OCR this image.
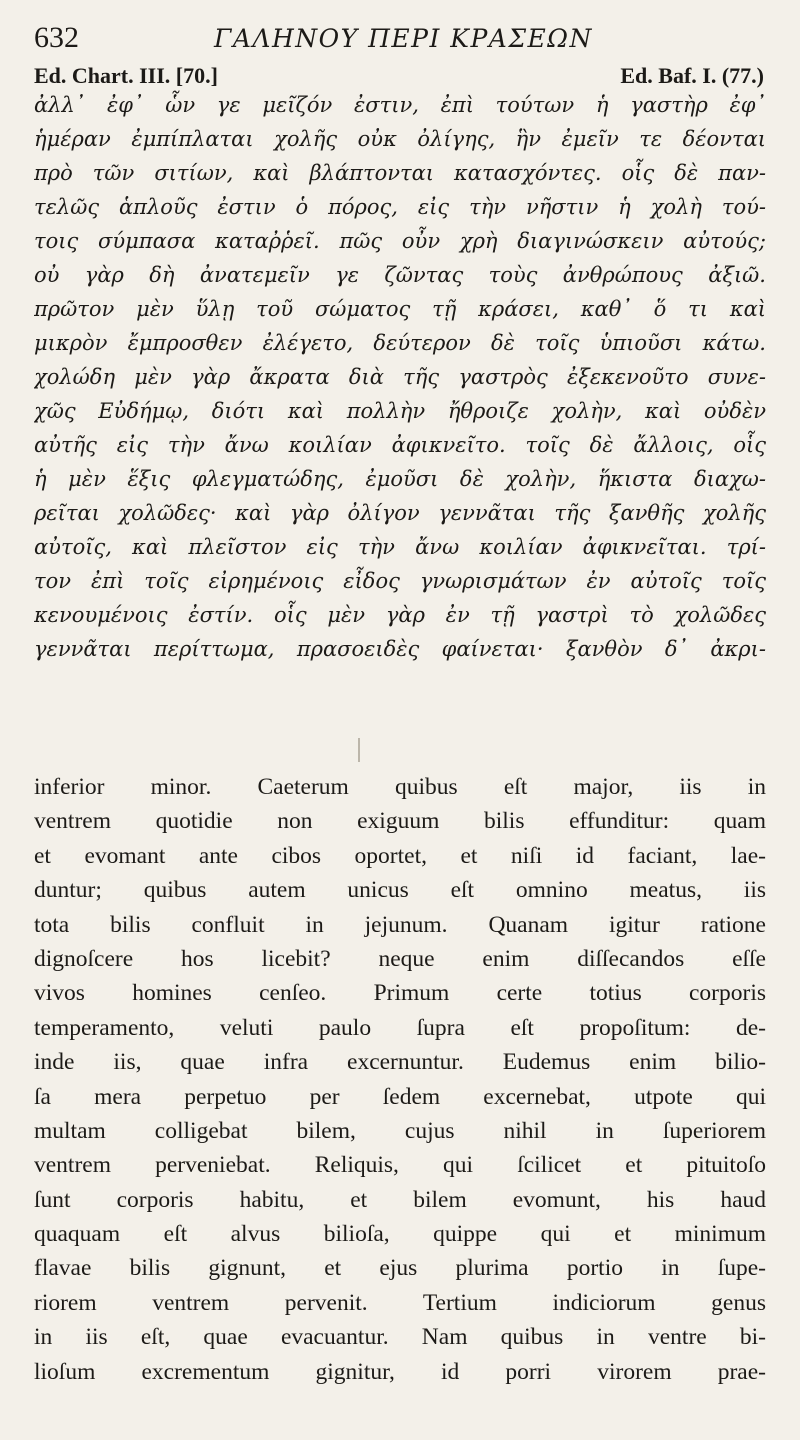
632	ΓΑΛΗΝΟΥ ΠΕΡΙ ΚΡΑΣΕΩΝ
Ed. Chart. III. [70.]	Ed. Baf. I. (77.)
ἀλλ᾽ ἐφ᾽ ὧν γε μεῖζόν ἐστιν, ἐπὶ τούτων ἡ γαστὴρ ἐφ᾽
ἡμέραν ἐμπίπλαται χολῆς οὐκ ὀλίγης, ἣν ἐμεῖν τε δέονται
πρὸ τῶν σιτίων, καὶ βλάπτονται κατασχόντες. οἷς δὲ παν-
τελῶς ἁπλοῦς ἐστιν ὁ πόρος, εἰς τὴν νῆστιν ἡ χολὴ τού-
τοις σύμπασα καταῤῥεῖ. πῶς οὖν χρὴ διαγινώσκειν αὐτούς;
οὐ γὰρ δὴ ἀνατεμεῖν γε ζῶντας τοὺς ἀνθρώπους ἀξιῶ.
πρῶτον μὲν ὕλῃ τοῦ σώματος τῇ κράσει, καθ᾽ ὅ τι καὶ
μικρὸν ἔμπροσθεν ἐλέγετο, δεύτερον δὲ τοῖς ὑπιοῦσι κάτω.
χολώδη μὲν γὰρ ἄκρατα διὰ τῆς γαστρὸς ἐξεκενοῦτο συνε-
χῶς Εὐδήμῳ, διότι καὶ πολλὴν ἤθροιζε χολὴν, καὶ οὐδὲν
αὐτῆς εἰς τὴν ἄνω κοιλίαν ἀφικνεῖτο. τοῖς δὲ ἄλλοις, οἷς
ἡ μὲν ἕξις φλεγματώδης, ἐμοῦσι δὲ χολὴν, ἥκιστα διαχω-
ρεῖται χολῶδες· καὶ γὰρ ὀλίγον γεννᾶται τῆς ξανθῆς χολῆς
αὐτοῖς, καὶ πλεῖστον εἰς τὴν ἄνω κοιλίαν ἀφικνεῖται. τρί-
τον ἐπὶ τοῖς εἰρημένοις εἶδος γνωρισμάτων ἐν αὐτοῖς τοῖς
κενουμένοις ἐστίν. οἷς μὲν γὰρ ἐν τῇ γαστρὶ τὸ χολῶδες
γεννᾶται περίττωμα, πρασοειδὲς φαίνεται· ξανθὸν δ᾽ ἀκρι-
inferior minor. Caeterum quibus eſt major, iis in
ventrem quotidie non exiguum bilis effunditur: quam
et evomant ante cibos oportet, et niſi id faciant, lae-
duntur; quibus autem unicus eſt omnino meatus, iis
tota bilis confluit in jejunum. Quanam igitur ratione
dignoſcere hos licebit? neque enim diſſecandos eſſe
vivos homines cenſeo. Primum certe totius corporis
temperamento, veluti paulo ſupra eſt propoſitum: de-
inde iis, quae infra excernuntur. Eudemus enim bilio-
ſa mera perpetuo per ſedem excernebat, utpote qui
multam colligebat bilem, cujus nihil in ſuperiorem
ventrem perveniebat. Reliquis, qui ſcilicet et pituitoſo
ſunt corporis habitu, et bilem evomunt, his haud
quaquam eſt alvus bilioſa, quippe qui et minimum
flavae bilis gignunt, et ejus plurima portio in ſupe-
riorem ventrem pervenit. Tertium indiciorum genus
in iis eſt, quae evacuantur. Nam quibus in ventre bi-
lioſum excrementum gignitur, id porri virorem prae-
